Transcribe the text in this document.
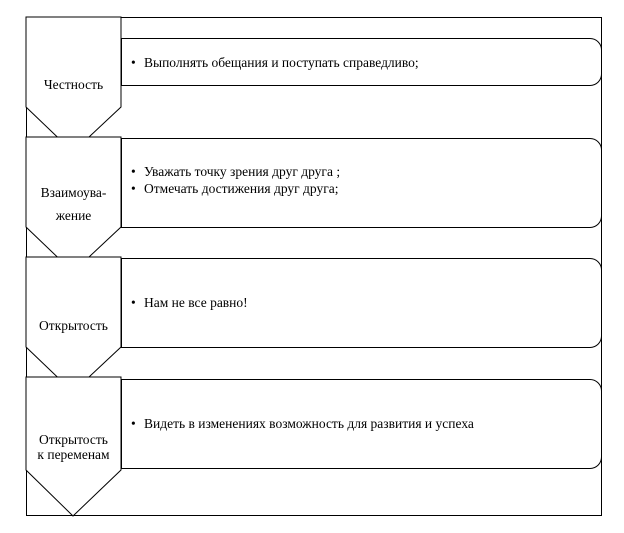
Честность
• Выполнять обещания и поступать справедливо;
Взаимоува-
жение
• Уважать точку зрения друг друга ;
• Отмечать достижения друг друга;
Открытость
• Нам не все равно!
Открытость
к переменам
• Видеть в изменениях возможность для развития и успеха
